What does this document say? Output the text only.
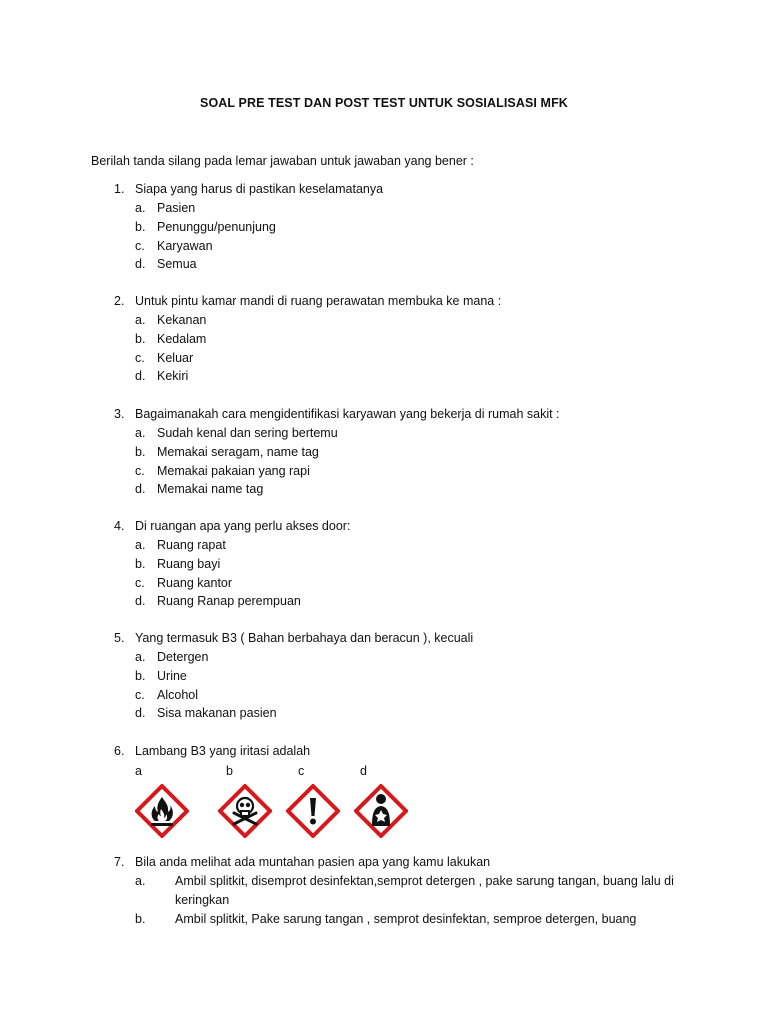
SOAL PRE TEST DAN POST TEST UNTUK SOSIALISASI MFK
Berilah tanda silang pada lemar jawaban untuk jawaban yang bener :
1. Siapa yang harus di pastikan keselamatanya
a. Pasien
b. Penunggu/penunjung
c. Karyawan
d. Semua
2. Untuk pintu kamar mandi di ruang perawatan membuka ke mana :
a. Kekanan
b. Kedalam
c. Keluar
d. Kekiri
3. Bagaimanakah cara mengidentifikasi karyawan yang bekerja di rumah sakit :
a. Sudah kenal dan sering bertemu
b. Memakai seragam, name tag
c. Memakai pakaian yang rapi
d. Memakai name tag
4. Di ruangan apa yang perlu akses door:
a. Ruang rapat
b. Ruang bayi
c. Ruang kantor
d. Ruang Ranap perempuan
5. Yang termasuk B3 ( Bahan berbahaya dan beracun ), kecuali
a. Detergen
b. Urine
c. Alcohol
d. Sisa makanan pasien
6. Lambang B3 yang iritasi adalah
a	b	c	d
7. Bila anda melihat ada muntahan pasien apa yang kamu lakukan
a.	Ambil splitkit, disemprot desinfektan,semprot detergen , pake sarung tangan, buang lalu di keringkan
b.	Ambil splitkit, Pake sarung tangan , semprot desinfektan, semproe detergen, buang
